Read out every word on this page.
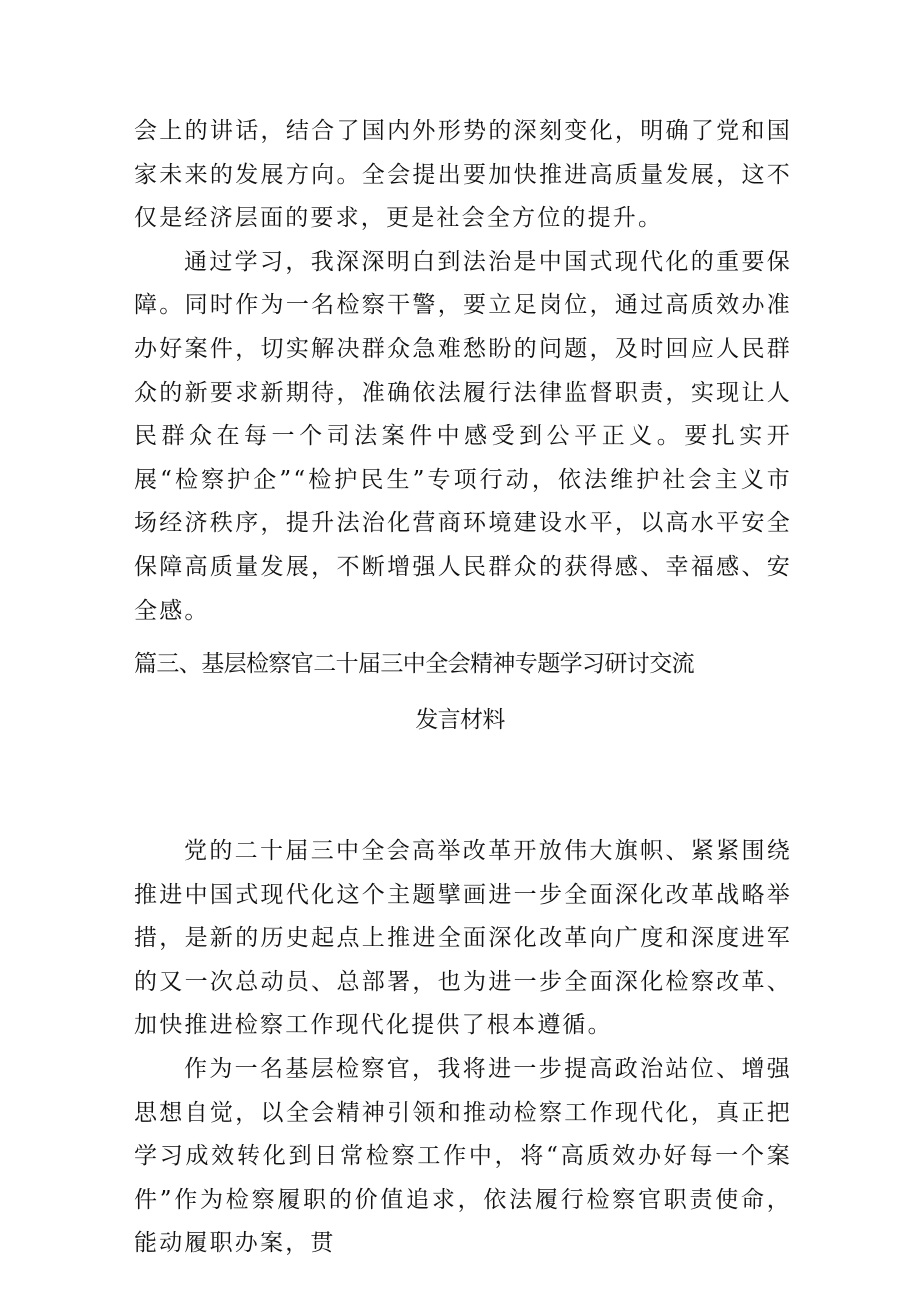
会上的讲话，结合了国内外形势的深刻变化，明确了党和国家未来的发展方向。全会提出要加快推进高质量发展，这不仅是经济层面的要求，更是社会全方位的提升。

通过学习，我深深明白到法治是中国式现代化的重要保障。同时作为一名检察干警，要立足岗位，通过高质效办准办好案件，切实解决群众急难愁盼的问题，及时回应人民群众的新要求新期待，准确依法履行法律监督职责，实现让人民群众在每一个司法案件中感受到公平正义。要扎实开展“检察护企”“检护民生”专项行动，依法维护社会主义市场经济秩序，提升法治化营商环境建设水平，以高水平安全保障高质量发展，不断增强人民群众的获得感、幸福感、安全感。

篇三、基层检察官二十届三中全会精神专题学习研讨交流
发言材料

党的二十届三中全会高举改革开放伟大旗帜、紧紧围绕推进中国式现代化这个主题擘画进一步全面深化改革战略举措，是新的历史起点上推进全面深化改革向广度和深度进军的又一次总动员、总部署，也为进一步全面深化检察改革、加快推进检察工作现代化提供了根本遵循。

作为一名基层检察官，我将进一步提高政治站位、增强思想自觉，以全会精神引领和推动检察工作现代化，真正把学习成效转化到日常检察工作中，将“高质效办好每一个案件”作为检察履职的价值追求，依法履行检察官职责使命，能动履职办案，贯
